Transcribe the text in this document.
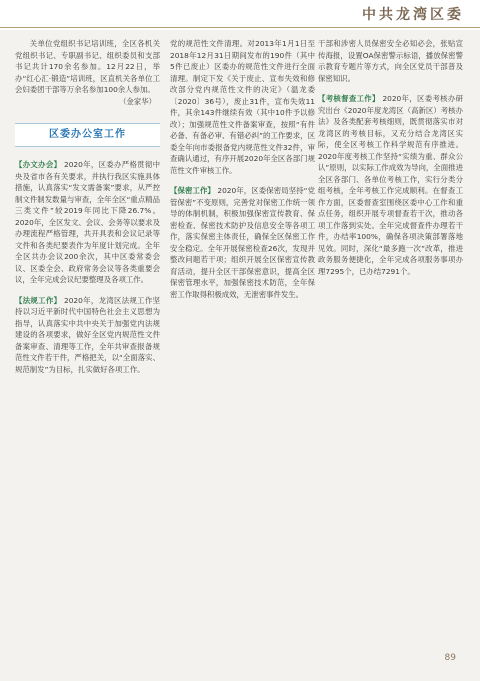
中共龙湾区委

关单位党组织书记培训班，全区各机关党组织书记、专职副书记、组织委员和支部书记共计170余名参加。12月22日，举办“红心汇·锻造”培训班，区直机关各单位工会妇委团干部等万余名参加100余人参加。

（金家华）
区委办公室工作

【办文办会】 2020年，区委办严格贯彻中央及省市各有关要求，并执行我区实施具体措施，认真落实“发文需备案”要求，从严控制文件制发数量与审查，全年全区“重点精品三类文件”较2019年同比下降26.7%。2020年，全区发文、会议、会务等以要求及办理流程严格管理，共开具表和会议记录等文件和各类纪要表作为年度计划完成。全年全区共办会议200余次，其中区委常委会议、区委全会、政府常务会议等各类重要会议，全年完成会议纪要整理及各项工作。

【法规工作】 2020年，龙湾区法规工作坚持以习近平新时代中国特色社会主义思想为指导，认真落实中共中央关于加强党内法规建设的各项要求，做好全区党内规范性文件备案审查、清理等工作，全年共审查报备规范性文件若干件，严格把关，以“全面落实、规范制发”为目标，扎实做好各项工作。

党的规范性文件清理。对2013年1月1日至2018年12月31日期间发布的190件（其中5件已废止）区委办的规范性文件进行全面清理。制定下发《关于废止、宣布失效和修改部分党内规范性文件的决定》（温龙委〔2020〕36号），废止31件，宣布失效11件，其余143件继续有效（其中10件予以修改）；加强规范性文件备案审查，按照“有件必备、有备必审、有错必纠”的工作要求，区委全年向市委报备党内规范性文件32件，审查确认通过，有序开展2020年全区各部门规范性文件审核工作。

【保密工作】 2020年，区委保密局坚持“党管保密”不变原则，完善党对保密工作统一领导的体制机制，积极加强保密宣传教育、保密检查、保密技术防护及信息安全等各项工作，落实保密主体责任，确保全区保密工作安全稳定。全年开展保密检查26次，发现并整改问题若干项；组织开展全区保密宣传教育活动，提升全区干部保密意识，提高全区保密管理水平，加强保密技术防范，全年保密工作取得积极成效，无泄密事件发生。

干部和涉密人员保密安全必知必会，张贴宣传海报，设置OA保密警示标语，播放保密警示教育专题片等方式，向全区党员干部普及保密知识。

【考核督查工作】 2020年，区委考核办研究出台《2020年度龙湾区（高新区）考核办法》及各类配套考核细则，既贯彻落实市对龙湾区的考核目标，又充分结合龙湾区实际，使全区考核工作科学规范有序推进。2020年度考核工作坚持“实绩为重、群众公认”原则，以实际工作成效为导向，全面推进全区各部门、各单位考核工作，实行分类分组考核，全年考核工作完成顺利。在督查工作方面，区委督查室围绕区委中心工作和重点任务，组织开展专项督查若干次，推动各项工作落到实处。全年完成督查件办理若干件，办结率100%，确保各项决策部署落地见效。同时，深化“最多跑一次”改革，推进政务服务便捷化，全年完成各项服务事项办理7295个，已办结7291个。

89
